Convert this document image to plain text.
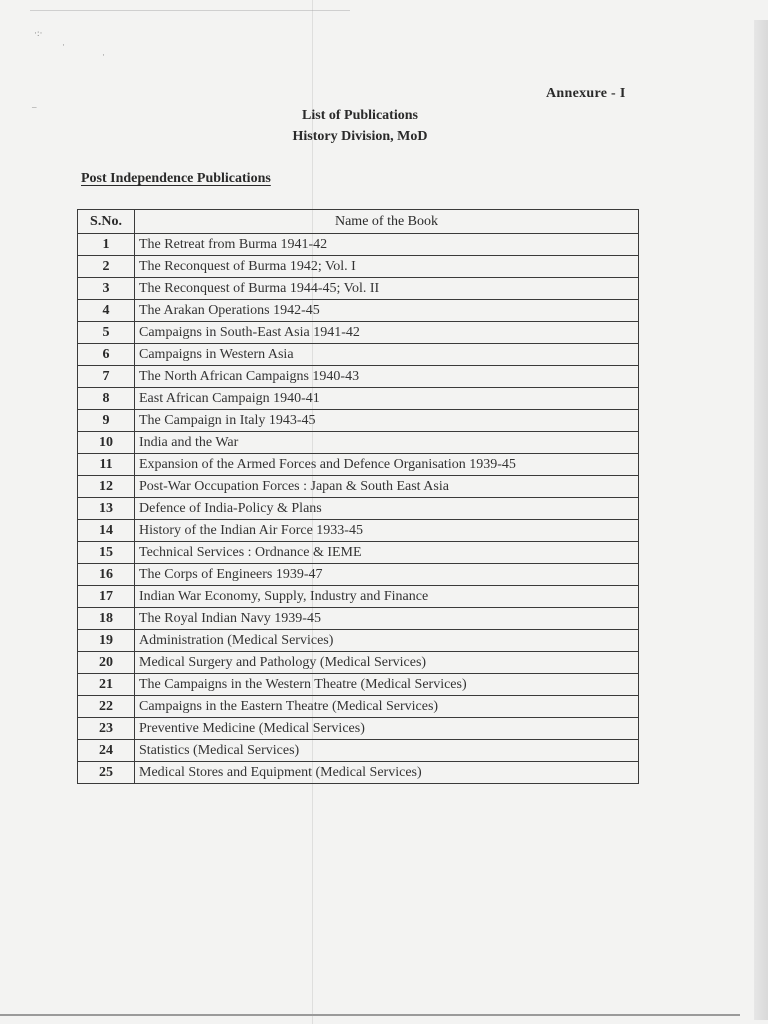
·:·
·
·
–
Annexure - I
List of Publications
History Division, MoD
Post Independence Publications
S.No.	Name of the Book
1	The Retreat from Burma 1941-42
2	The Reconquest of Burma 1942; Vol. I
3	The Reconquest of Burma 1944-45; Vol. II
4	The Arakan Operations 1942-45
5	Campaigns in South-East Asia 1941-42
6	Campaigns in Western Asia
7	The North African Campaigns 1940-43
8	East African Campaign 1940-41
9	The Campaign in Italy 1943-45
10	India and the War
11	Expansion of the Armed Forces and Defence Organisation 1939-45
12	Post-War Occupation Forces : Japan & South East Asia
13	Defence of India-Policy & Plans
14	History of the Indian Air Force 1933-45
15	Technical Services : Ordnance & IEME
16	The Corps of Engineers 1939-47
17	Indian War Economy, Supply, Industry and Finance
18	The Royal Indian Navy 1939-45
19	Administration (Medical Services)
20	Medical Surgery and Pathology (Medical Services)
21	The Campaigns in the Western Theatre (Medical Services)
22	Campaigns in the Eastern Theatre (Medical Services)
23	Preventive Medicine (Medical Services)
24	Statistics (Medical Services)
25	Medical Stores and Equipment (Medical Services)
